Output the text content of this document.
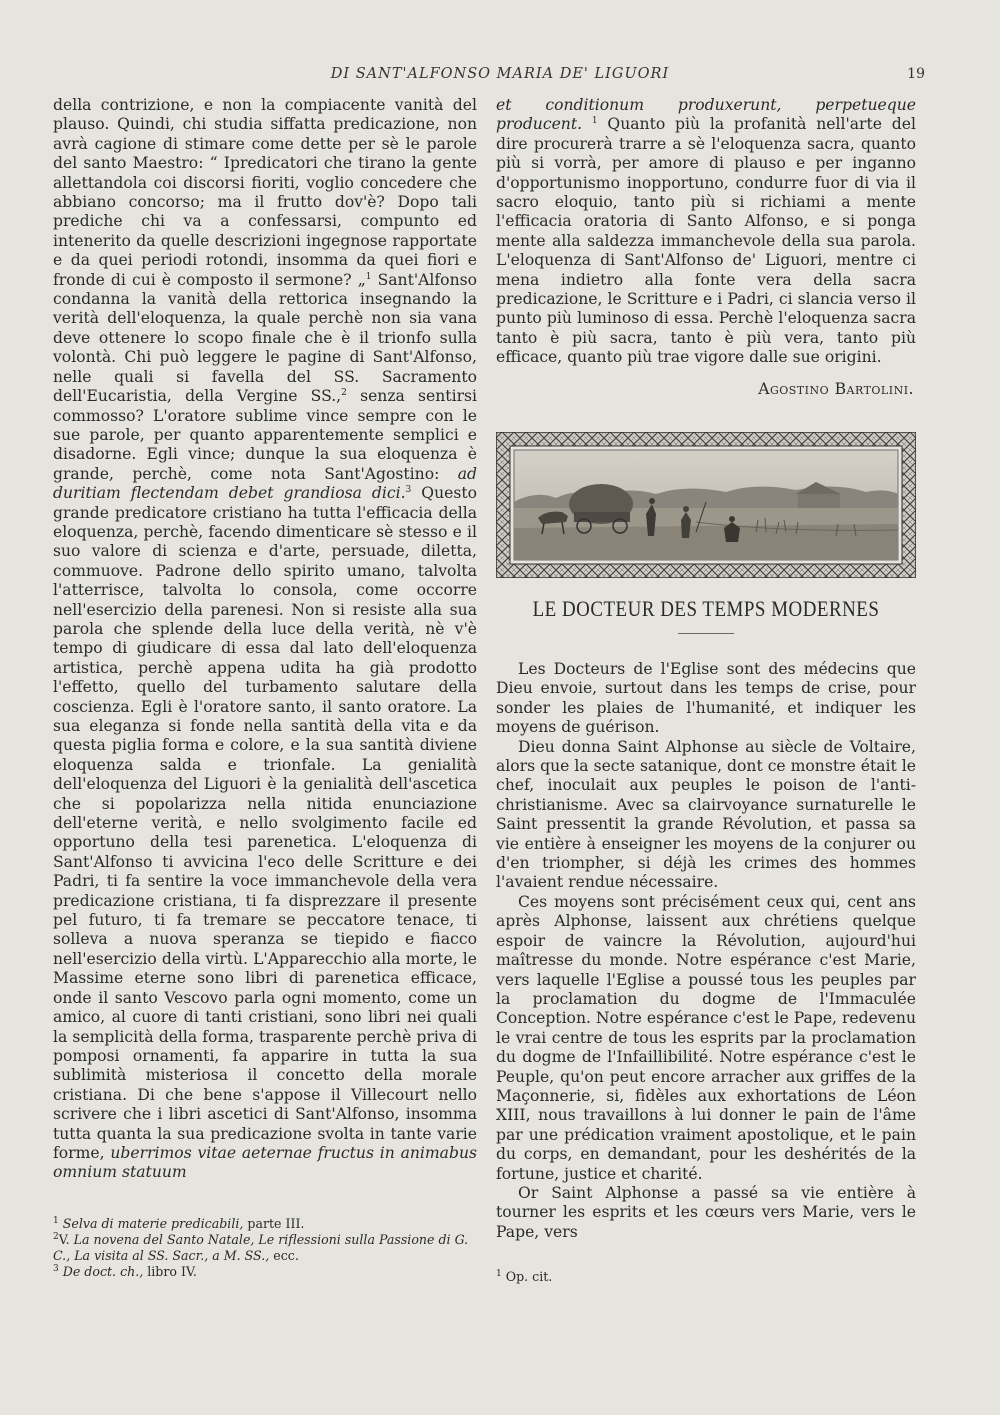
DI SANT'ALFONSO MARIA DE' LIGUORI	19

della contrizione, e non la compiacente vanità del plauso. Quindi, chi studia siffatta predicazione, non avrà cagione di stimare come dette per sè le parole del santo Maestro: “ Ipredicatori che tirano la gente allettandola coi discorsi fioriti, voglio concedere che abbiano concorso; ma il frutto dov'è? Dopo tali prediche chi va a confessarsi, compunto ed intenerito da quelle descrizioni ingegnose rapportate e da quei periodi rotondi, insomma da quei fiori e fronde di cui è composto il sermone? „$^1$ Sant'Alfonso condanna la vanità della rettorica insegnando la verità dell'eloquenza, la quale perchè non sia vana deve ottenere lo scopo finale che è il trionfo sulla volontà. Chi può leggere le pagine di Sant'Alfonso, nelle quali si favella del SS. Sacramento dell'Eucaristia, della Vergine SS.,$^2$ senza sentirsi commosso? L'oratore sublime vince sempre con le sue parole, per quanto apparentemente semplici e disadorne. Egli vince; dunque la sua eloquenza è grande, perchè, come nota Sant'Agostino: ad duritiam flectendam debet grandiosa dici.$^3$ Questo grande predicatore cristiano ha tutta l'efficacia della eloquenza, perchè, facendo dimenticare sè stesso e il suo valore di scienza e d'arte, persuade, diletta, commuove. Padrone dello spirito umano, talvolta l'atterrisce, talvolta lo consola, come occorre nell'esercizio della parenesi. Non si resiste alla sua parola che splende della luce della verità, nè v'è tempo di giudicare di essa dal lato dell'eloquenza artistica, perchè appena udita ha già prodotto l'effetto, quello del turbamento salutare della coscienza. Egli è l'oratore santo, il santo oratore. La sua eleganza si fonde nella santità della vita e da questa piglia forma e colore, e la sua santità diviene eloquenza salda e trionfale. La genialità dell'eloquenza del Liguori è la genialità dell'ascetica che si popolarizza nella nitida enunciazione dell'eterne verità, e nello svolgimento facile ed opportuno della tesi parenetica. L'eloquenza di Sant'Alfonso ti avvicina l'eco delle Scritture e dei Padri, ti fa sentire la voce immanchevole della vera predicazione cristiana, ti fa disprezzare il presente pel futuro, ti fa tremare se peccatore tenace, ti solleva a nuova speranza se tiepido e fiacco nell'esercizio della virtù. L'Apparecchio alla morte, le Massime eterne sono libri di parenetica efficace, onde il santo Vescovo parla ogni momento, come un amico, al cuore di tanti cristiani, sono libri nei quali la semplicità della forma, trasparente perchè priva di pomposi ornamenti, fa apparire in tutta la sua sublimità misteriosa il concetto della morale cristiana. Di che bene s'appose il Villecourt nello scrivere che i libri ascetici di Sant'Alfonso, insomma tutta quanta la sua predicazione svolta in tante varie forme, uberrimos vitae aeternae fructus in animabus omnium statuum

$^1$ Selva di materie predicabili, parte III.

$^2$V. La novena del Santo Natale, Le riflessioni sulla Passione di G. C., La visita al SS. Sacr., a M. SS., ecc.

$^3$ De doct. ch., libro IV.

et conditionum produxerunt, perpetueque producent. $^1$ Quanto più la profanità nell'arte del dire procurerà trarre a sè l'eloquenza sacra, quanto più si vorrà, per amore di plauso e per inganno d'opportunismo inopportuno, condurre fuor di via il sacro eloquio, tanto più si richiami a mente l'efficacia oratoria di Santo Alfonso, e si ponga mente alla saldezza immanchevole della sua parola. L'eloquenza di Sant'Alfonso de' Liguori, mentre ci mena indietro alla fonte vera della sacra predicazione, le Scritture e i Padri, ci slancia verso il punto più luminoso di essa. Perchè l'eloquenza sacra tanto è più sacra, tanto è più vera, tanto più efficace, quanto più trae vigore dalle sue origini.

Agostino Bartolini.

LE DOCTEUR DES TEMPS MODERNES

Les Docteurs de l'Eglise sont des médecins que Dieu envoie, surtout dans les temps de crise, pour sonder les plaies de l'humanité, et indiquer les moyens de guérison.

Dieu donna Saint Alphonse au siècle de Voltaire, alors que la secte satanique, dont ce monstre était le chef, inoculait aux peuples le poison de l'anti-christianisme. Avec sa clairvoyance surnaturelle le Saint pressentit la grande Révolution, et passa sa vie entière à enseigner les moyens de la conjurer ou d'en triompher, si déjà les crimes des hommes l'avaient rendue nécessaire.

Ces moyens sont précisément ceux qui, cent ans après Alphonse, laissent aux chrétiens quelque espoir de vaincre la Révolution, aujourd'hui maîtresse du monde. Notre espérance c'est Marie, vers laquelle l'Eglise a poussé tous les peuples par la proclamation du dogme de l'Immaculée Conception. Notre espérance c'est le Pape, redevenu le vrai centre de tous les esprits par la proclamation du dogme de l'Infaillibilité. Notre espérance c'est le Peuple, qu'on peut encore arracher aux griffes de la Maçonnerie, si, fidèles aux exhortations de Léon XIII, nous travaillons à lui donner le pain de l'âme par une prédication vraiment apostolique, et le pain du corps, en demandant, pour les deshérités de la fortune, justice et charité.

Or Saint Alphonse a passé sa vie entière à tourner les esprits et les cœurs vers Marie, vers le Pape, vers

$^1$ Op. cit.
